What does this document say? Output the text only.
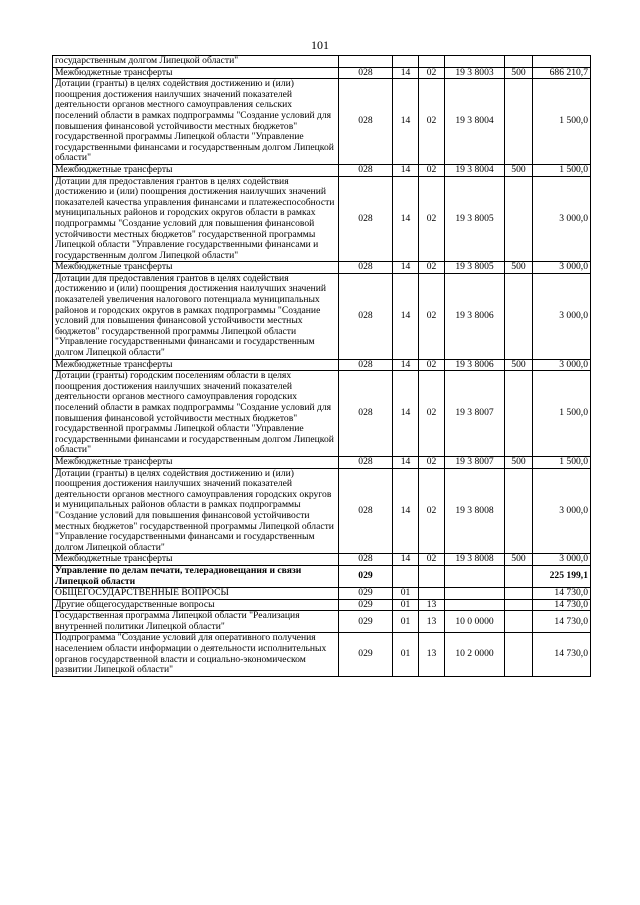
101
государственным долгом Липецкой области"						
Межбюджетные трансферты	028	14	02	19 3 8003	500	686 210,7
Дотации (гранты) в целях содействия достижению и (или) поощрения достижения наилучших значений показателей деятельности органов местного самоуправления сельских поселений области в рамках подпрограммы "Создание условий для повышения финансовой устойчивости местных бюджетов" государственной программы Липецкой области "Управление государственными финансами и государственным долгом Липецкой области"	028	14	02	19 3 8004		1 500,0
Межбюджетные трансферты	028	14	02	19 3 8004	500	1 500,0
Дотации для предоставления грантов в целях содействия достижению и (или) поощрения достижения наилучших значений показателей качества управления финансами и платежеспособности муниципальных районов и городских округов области в рамках подпрограммы "Создание условий для повышения финансовой устойчивости местных бюджетов" государственной программы Липецкой области "Управление государственными финансами и государственным долгом Липецкой области"	028	14	02	19 3 8005		3 000,0
Межбюджетные трансферты	028	14	02	19 3 8005	500	3 000,0
Дотации для предоставления грантов в целях содействия достижению и (или) поощрения достижения наилучших значений показателей увеличения налогового потенциала муниципальных районов и городских округов в рамках подпрограммы "Создание условий для повышения финансовой устойчивости местных бюджетов" государственной программы Липецкой области "Управление государственными финансами и государственным долгом Липецкой области"	028	14	02	19 3 8006		3 000,0
Межбюджетные трансферты	028	14	02	19 3 8006	500	3 000,0
Дотации (гранты) городским поселениям области в целях поощрения достижения наилучших значений показателей деятельности органов местного самоуправления городских поселений области в рамках подпрограммы "Создание условий для повышения финансовой устойчивости местных бюджетов" государственной программы Липецкой области "Управление государственными финансами и государственным долгом Липецкой области"	028	14	02	19 3 8007		1 500,0
Межбюджетные трансферты	028	14	02	19 3 8007	500	1 500,0
Дотации (гранты) в целях содействия достижению и (или) поощрения достижения наилучших значений показателей деятельности органов местного самоуправления городских округов и муниципальных районов области в рамках подпрограммы "Создание условий для повышения финансовой устойчивости местных бюджетов" государственной программы Липецкой области "Управление государственными финансами и государственным долгом Липецкой области"	028	14	02	19 3 8008		3 000,0
Межбюджетные трансферты	028	14	02	19 3 8008	500	3 000,0
Управление по делам печати, телерадиовещания и связи Липецкой области	029					225 199,1
ОБЩЕГОСУДАРСТВЕННЫЕ ВОПРОСЫ	029	01				14 730,0
Другие общегосударственные вопросы	029	01	13			14 730,0
Государственная программа Липецкой области "Реализация внутренней политики Липецкой области"	029	01	13	10 0 0000		14 730,0
Подпрограмма "Создание условий для оперативного получения населением области информации о деятельности исполнительных органов государственной власти и социально-экономическом развитии Липецкой области"	029	01	13	10 2 0000		14 730,0
